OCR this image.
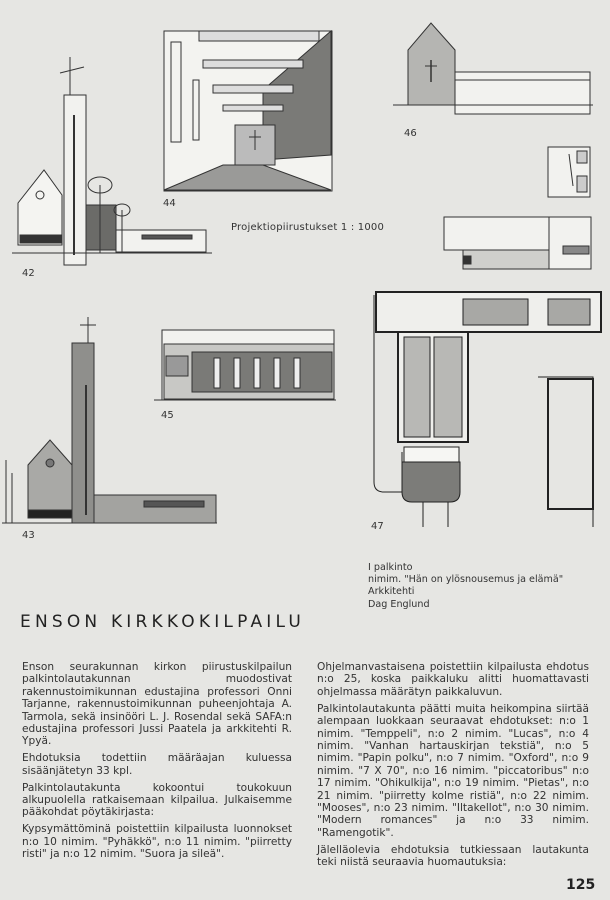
42
44
Projektiopiirustukset 1 : 1000
46
47
43
45
I palkinto
nimim. "Hän on ylösnousemus ja elämä"
Arkkitehti
Dag Englund
ENSON KIRKKOKILPAILU

Enson seurakunnan kirkon piirustuskilpailun palkintolautakunnan muodostivat rakennustoimikunnan edustajina professori Onni Tarjanne, rakennustoimikunnan puheenjohtaja A. Tarmola, sekä insinööri L. J. Rosendal sekä SAFA:n edustajina professori Jussi Paatela ja arkkitehti R. Ypyä.

Ehdotuksia todettiin määräajan kuluessa sisäänjätetyn 33 kpl.

Palkintolautakunta kokoontui toukokuun alkupuolella ratkaisemaan kilpailua. Julkaisemme pääkohdat pöytäkirjasta:

Kypsymättöminä poistettiin kilpailusta luonnokset n:o 10 nimim. "Pyhäkkö", n:o 11 nimim. "piirretty risti" ja n:o 12 nimim. "Suora ja sileä".

Ohjelmanvastaisena poistettiin kilpailusta ehdotus n:o 25, koska paikkaluku alitti huomattavasti ohjelmassa määrätyn paikkaluvun.

Palkintolautakunta päätti muita heikompina siirtää alempaan luokkaan seuraavat ehdotukset: n:o 1 nimim. "Temppeli", n:o 2 nimim. "Lucas", n:o 4 nimim. "Vanhan hartauskirjan tekstiä", n:o 5 nimim. "Papin polku", n:o 7 nimim. "Oxford", n:o 9 nimim. "7 X 70", n:o 16 nimim. "piccatoribus" n:o 17 nimim. "Ohikulkija", n:o 19 nimim. "Pietas", n:o 21 nimim. "piirretty kolme ristiä", n:o 22 nimim. "Mooses", n:o 23 nimim. "Iltakellot", n:o 30 nimim. "Modern romances" ja n:o 33 nimim. "Ramengotik".

Jälelläolevia ehdotuksia tutkiessaan lautakunta teki niistä seuraavia huomautuksia:

125
